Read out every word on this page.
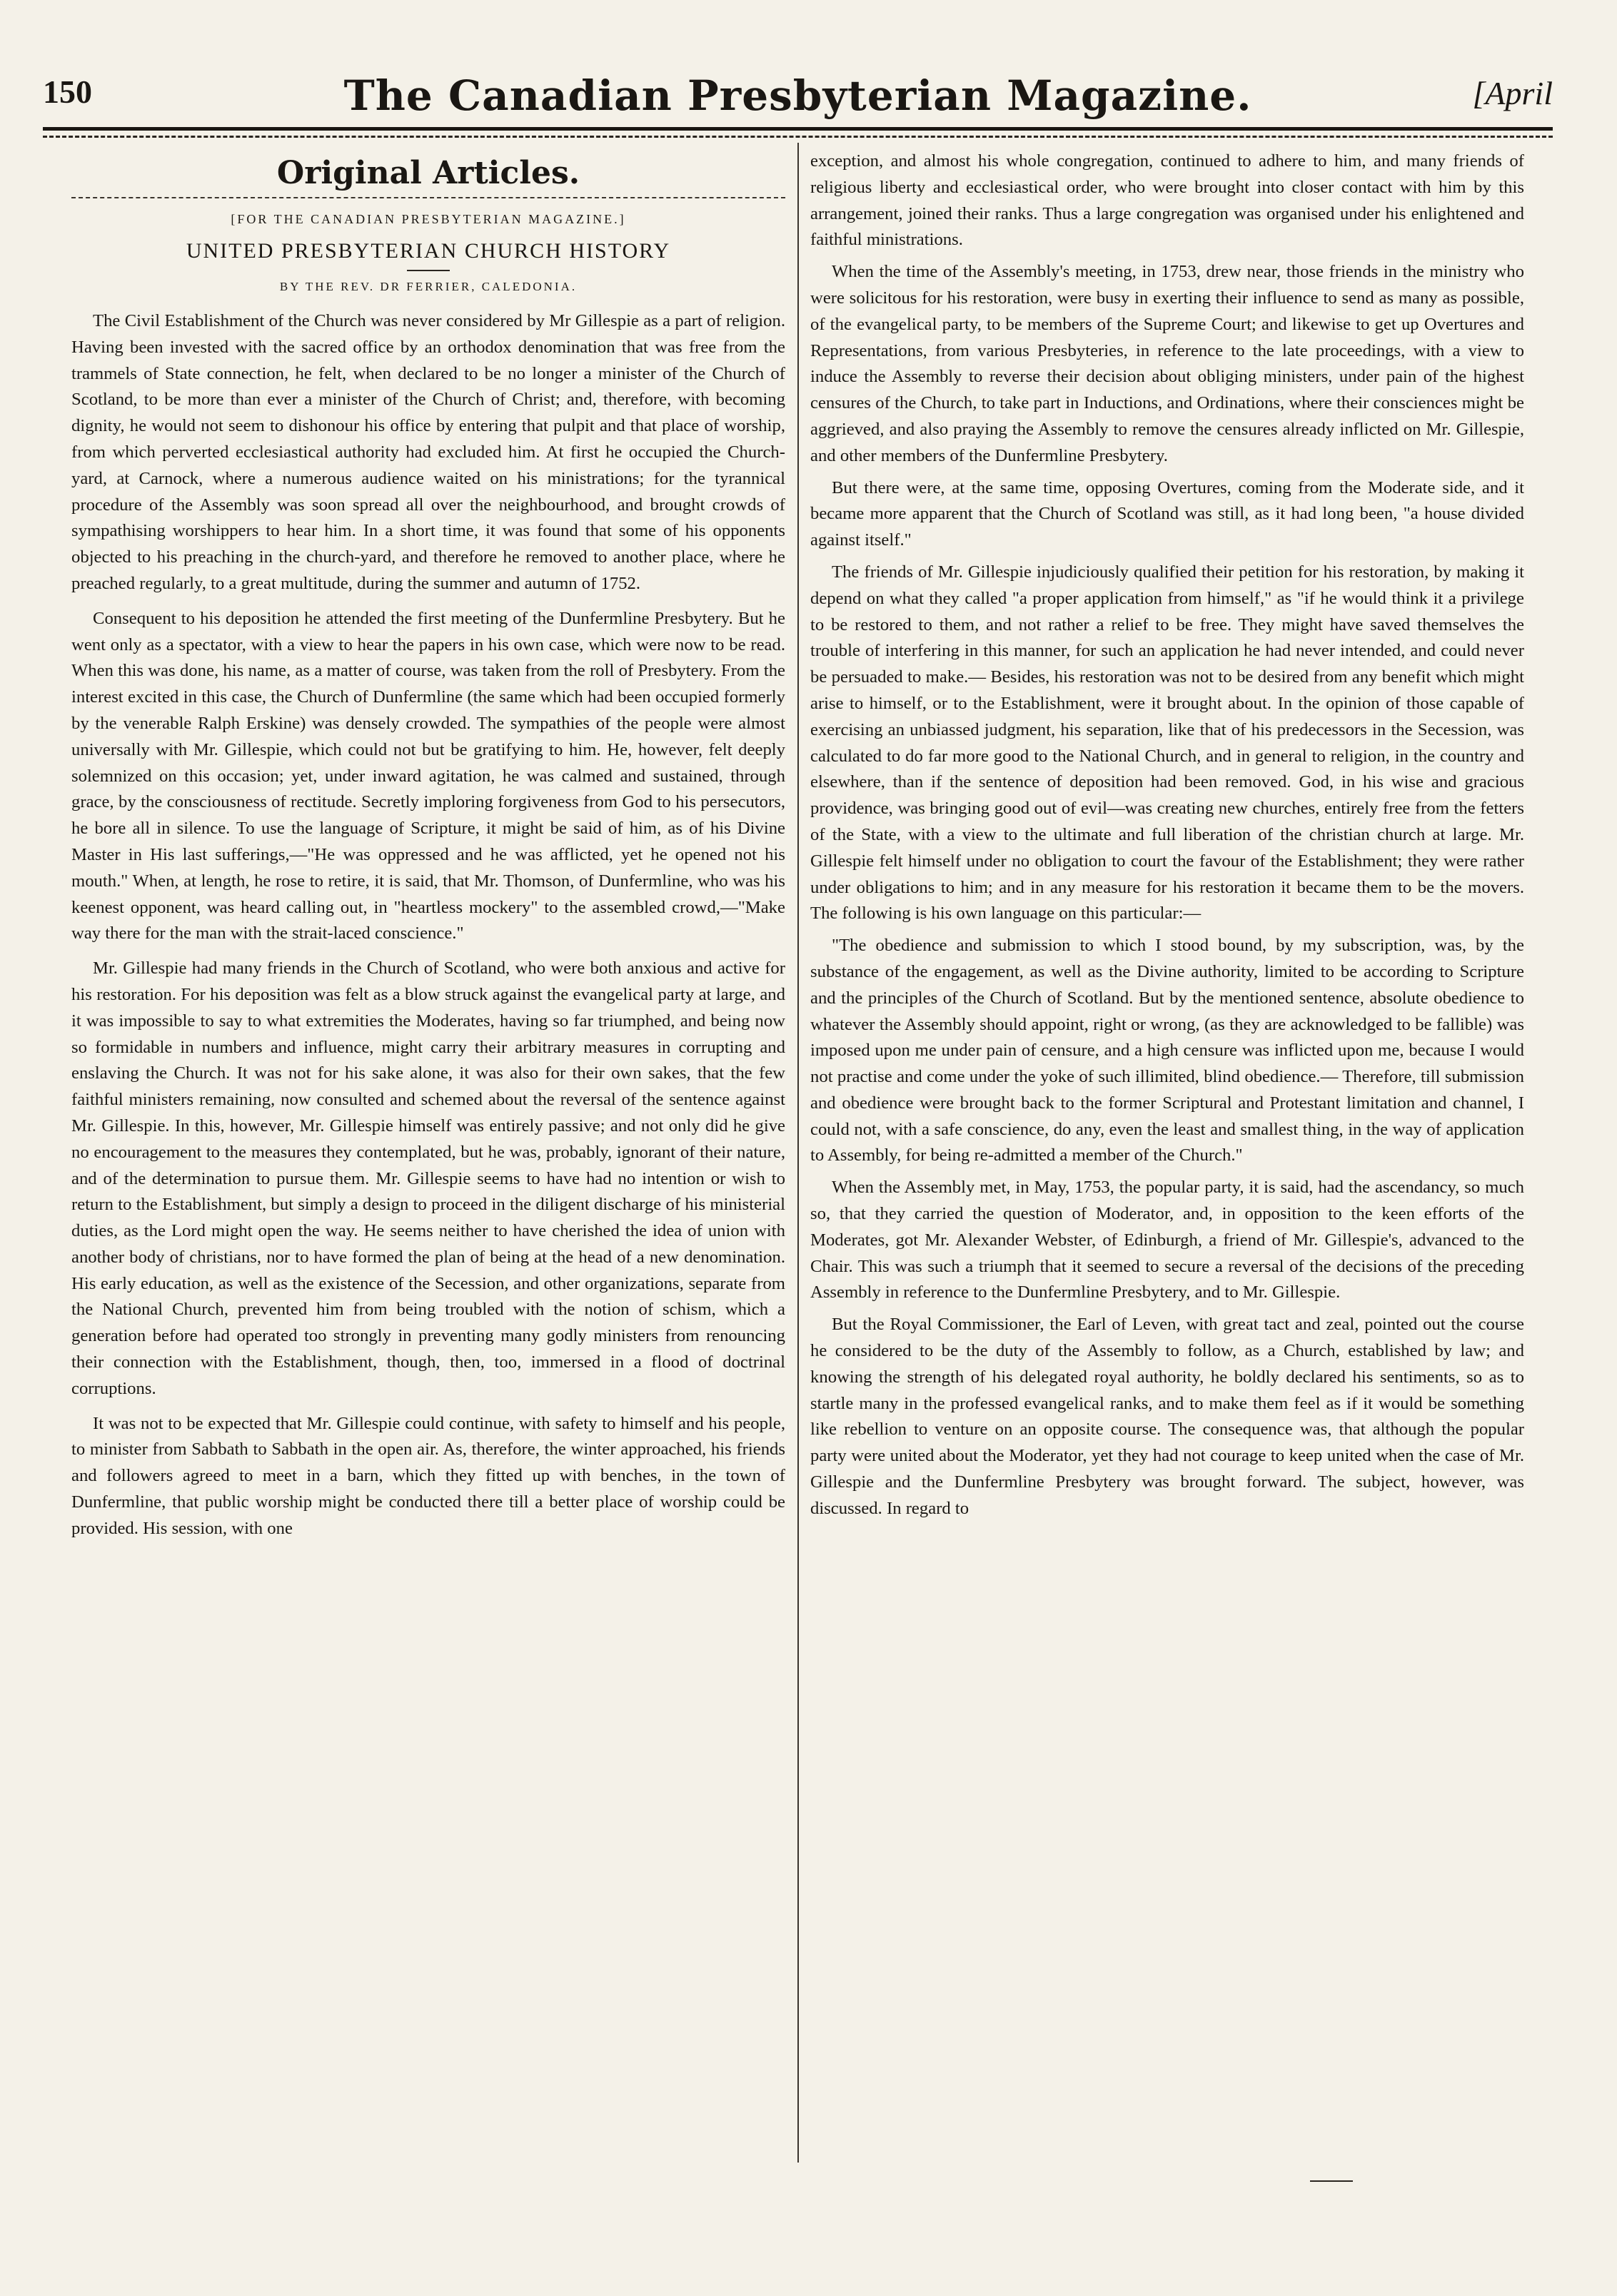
150	The Canadian Presbyterian Magazine.	[April
Original Articles.
[FOR THE CANADIAN PRESBYTERIAN MAGAZINE.]
UNITED PRESBYTERIAN CHURCH HISTORY
BY THE REV. DR FERRIER, CALEDONIA.

The Civil Establishment of the Church was never considered by Mr Gillespie as a part of religion. Having been invested with the sacred office by an orthodox denomination that was free from the trammels of State connection, he felt, when declared to be no longer a minister of the Church of Scotland, to be more than ever a minister of the Church of Christ; and, therefore, with becoming dignity, he would not seem to dishonour his office by entering that pulpit and that place of worship, from which perverted ecclesiastical authority had excluded him. At first he occupied the Church-yard, at Carnock, where a numerous audience waited on his ministrations; for the tyrannical procedure of the Assembly was soon spread all over the neighbourhood, and brought crowds of sympathising worshippers to hear him. In a short time, it was found that some of his opponents objected to his preaching in the church-yard, and therefore he removed to another place, where he preached regularly, to a great multitude, during the summer and autumn of 1752.

Consequent to his deposition he attended the first meeting of the Dunfermline Presbytery. But he went only as a spectator, with a view to hear the papers in his own case, which were now to be read. When this was done, his name, as a matter of course, was taken from the roll of Presbytery. From the interest excited in this case, the Church of Dunfermline (the same which had been occupied formerly by the venerable Ralph Erskine) was densely crowded. The sympathies of the people were almost universally with Mr. Gillespie, which could not but be gratifying to him. He, however, felt deeply solemnized on this occasion; yet, under inward agitation, he was calmed and sustained, through grace, by the consciousness of rectitude. Secretly imploring forgiveness from God to his persecutors, he bore all in silence. To use the language of Scripture, it might be said of him, as of his Divine Master in His last sufferings,—"He was oppressed and he was afflicted, yet he opened not his mouth." When, at length, he rose to retire, it is said, that Mr. Thomson, of Dunfermline, who was his keenest opponent, was heard calling out, in "heartless mockery" to the assembled crowd,—"Make way there for the man with the strait-laced conscience."

Mr. Gillespie had many friends in the Church of Scotland, who were both anxious and active for his restoration. For his deposition was felt as a blow struck against the evangelical party at large, and it was impossible to say to what extremities the Moderates, having so far triumphed, and being now so formidable in numbers and influence, might carry their arbitrary measures in corrupting and enslaving the Church. It was not for his sake alone, it was also for their own sakes, that the few faithful ministers remaining, now consulted and schemed about the reversal of the sentence against Mr. Gillespie. In this, however, Mr. Gillespie himself was entirely passive; and not only did he give no encouragement to the measures they contemplated, but he was, probably, ignorant of their nature, and of the determination to pursue them. Mr. Gillespie seems to have had no intention or wish to return to the Establishment, but simply a design to proceed in the diligent discharge of his ministerial duties, as the Lord might open the way. He seems neither to have cherished the idea of union with another body of christians, nor to have formed the plan of being at the head of a new denomination. His early education, as well as the existence of the Secession, and other organizations, separate from the National Church, prevented him from being troubled with the notion of schism, which a generation before had operated too strongly in preventing many godly ministers from renouncing their connection with the Establishment, though, then, too, immersed in a flood of doctrinal corruptions.

It was not to be expected that Mr. Gillespie could continue, with safety to himself and his people, to minister from Sabbath to Sabbath in the open air. As, therefore, the winter approached, his friends and followers agreed to meet in a barn, which they fitted up with benches, in the town of Dunfermline, that public worship might be conducted there till a better place of worship could be provided. His session, with one

exception, and almost his whole congregation, continued to adhere to him, and many friends of religious liberty and ecclesiastical order, who were brought into closer contact with him by this arrangement, joined their ranks. Thus a large congregation was organised under his enlightened and faithful ministrations.

When the time of the Assembly's meeting, in 1753, drew near, those friends in the ministry who were solicitous for his restoration, were busy in exerting their influence to send as many as possible, of the evangelical party, to be members of the Supreme Court; and likewise to get up Overtures and Representations, from various Presbyteries, in reference to the late proceedings, with a view to induce the Assembly to reverse their decision about obliging ministers, under pain of the highest censures of the Church, to take part in Inductions, and Ordinations, where their consciences might be aggrieved, and also praying the Assembly to remove the censures already inflicted on Mr. Gillespie, and other members of the Dunfermline Presbytery.

But there were, at the same time, opposing Overtures, coming from the Moderate side, and it became more apparent that the Church of Scotland was still, as it had long been, "a house divided against itself."

The friends of Mr. Gillespie injudiciously qualified their petition for his restoration, by making it depend on what they called "a proper application from himself," as "if he would think it a privilege to be restored to them, and not rather a relief to be free. They might have saved themselves the trouble of interfering in this manner, for such an application he had never intended, and could never be persuaded to make.— Besides, his restoration was not to be desired from any benefit which might arise to himself, or to the Establishment, were it brought about. In the opinion of those capable of exercising an unbiassed judgment, his separation, like that of his predecessors in the Secession, was calculated to do far more good to the National Church, and in general to religion, in the country and elsewhere, than if the sentence of deposition had been removed. God, in his wise and gracious providence, was bringing good out of evil—was creating new churches, entirely free from the fetters of the State, with a view to the ultimate and full liberation of the christian church at large. Mr. Gillespie felt himself under no obligation to court the favour of the Establishment; they were rather under obligations to him; and in any measure for his restoration it became them to be the movers. The following is his own language on this particular:—

"The obedience and submission to which I stood bound, by my subscription, was, by the substance of the engagement, as well as the Divine authority, limited to be according to Scripture and the principles of the Church of Scotland. But by the mentioned sentence, absolute obedience to whatever the Assembly should appoint, right or wrong, (as they are acknowledged to be fallible) was imposed upon me under pain of censure, and a high censure was inflicted upon me, because I would not practise and come under the yoke of such illimited, blind obedience.— Therefore, till submission and obedience were brought back to the former Scriptural and Protestant limitation and channel, I could not, with a safe conscience, do any, even the least and smallest thing, in the way of application to Assembly, for being re-admitted a member of the Church."

When the Assembly met, in May, 1753, the popular party, it is said, had the ascendancy, so much so, that they carried the question of Moderator, and, in opposition to the keen efforts of the Moderates, got Mr. Alexander Webster, of Edinburgh, a friend of Mr. Gillespie's, advanced to the Chair. This was such a triumph that it seemed to secure a reversal of the decisions of the preceding Assembly in reference to the Dunfermline Presbytery, and to Mr. Gillespie.

But the Royal Commissioner, the Earl of Leven, with great tact and zeal, pointed out the course he considered to be the duty of the Assembly to follow, as a Church, established by law; and knowing the strength of his delegated royal authority, he boldly declared his sentiments, so as to startle many in the professed evangelical ranks, and to make them feel as if it would be something like rebellion to venture on an opposite course. The consequence was, that although the popular party were united about the Moderator, yet they had not courage to keep united when the case of Mr. Gillespie and the Dunfermline Presbytery was brought forward. The subject, however, was discussed. In regard to
